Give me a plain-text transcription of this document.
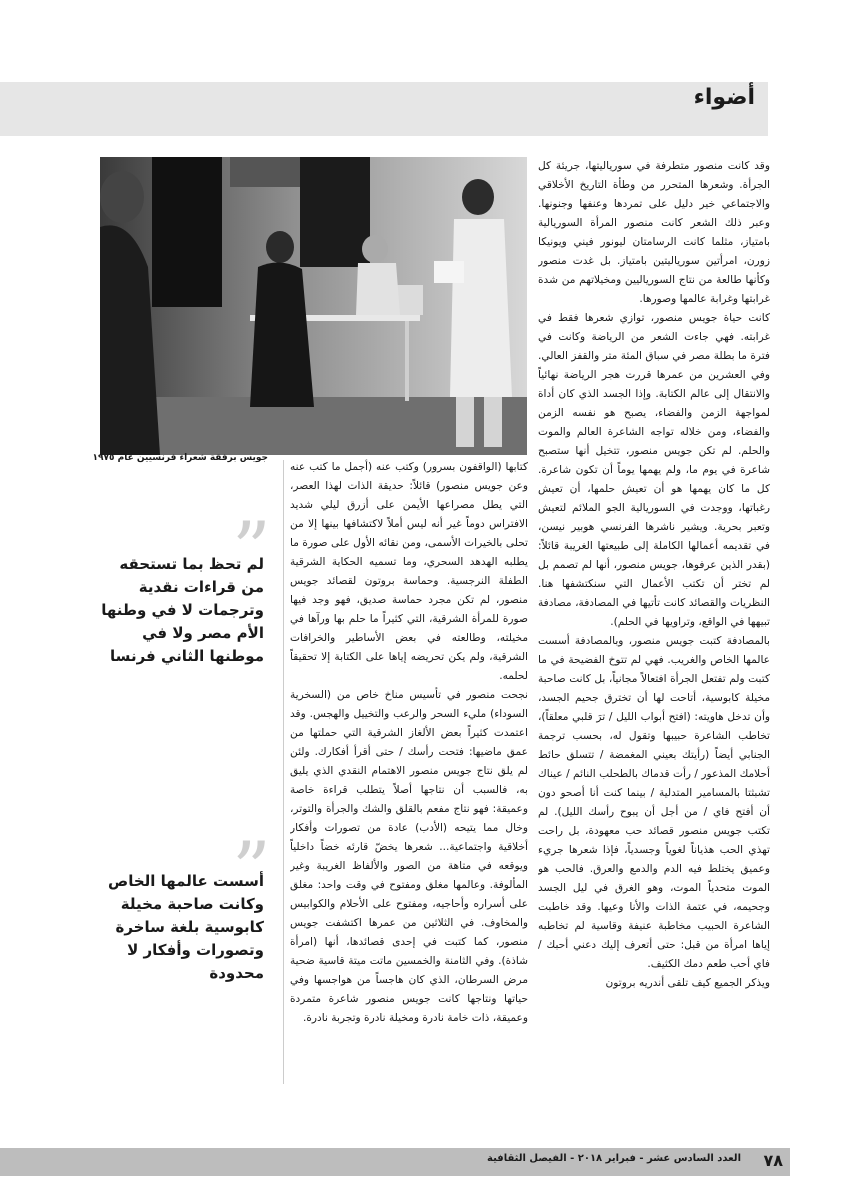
أضواء
جويس برفقة شعراء فرنسيين عام ١٩٧٥

وقد كانت منصور متطرفة في سورياليتها، جريئة كل الجرأة. وشعرها المتحرر من وطأة التاريخ الأخلاقي والاجتماعي خير دليل على تمردها وعنفها وجنونها. وعبر ذلك الشعر كانت منصور المرأة السوريالية بامتياز، مثلما كانت الرسامتان ليونور فيني ويونيكا زورن، امرأتين سورياليتين بامتياز. بل غدت منصور وكأنها طالعة من نتاج السورياليين ومخيلاتهم من شدة غرابتها وغرابة عالمها وصورها.

كانت حياة جويس منصور، توازي شعرها فقط في غرابته. فهي جاءت الشعر من الرياضة وكانت في فترة ما بطلة مصر في سباق المئة متر والقفز العالي. وفي العشرين من عمرها قررت هجر الرياضة نهائياً والانتقال إلى عالم الكتابة. وإذا الجسد الذي كان أداة لمواجهة الزمن والفضاء، يصبح هو نفسه الزمن والفضاء، ومن خلاله تواجه الشاعرة العالم والموت والحلم. لم تكن جويس منصور، تتخيل أنها ستصبح شاعرة في يوم ما، ولم يهمها يوماً أن تكون شاعرة. كل ما كان يهمها هو أن تعيش حلمها، أن تعيش رغباتها، ووجدت في السوريالية الجو الملائم لتعيش وتعبر بحرية. ويشير ناشرها الفرنسي هوبير نيسن، في تقديمه أعمالها الكاملة إلى طبيعتها الغريبة قائلاً: (بقدر الذين عرفوها، جويس منصور، أنها لم تصمم بل لم تختر أن تكتب الأعمال التي سنكتشفها هنا. النظريات والقصائد كانت تأتيها في المصادفة، مصادفة تبيهها في الواقع، وتراويها في الحلم).

بالمصادفة كتبت جويس منصور، وبالمصادفة أسست عالمها الخاص والغريب. فهي لم تتوخ الفضيحة في ما كتبت ولم تفتعل الجرأة افتعالاً مجانياً، بل كانت صاحبة مخيلة كابوسية، أتاحت لها أن تخترق جحيم الجسد، وأن تدخل هاويته: (افتح أبواب الليل / ترَ قلبي معلقاً)، تخاطب الشاعرة حبيبها وتقول له، بحسب ترجمة الجنابي أيضاً (رأيتك بعيني المغمضة / تتسلق حائط أحلامك المذعور / رأت قدماك بالطحلب النائم / عيناك تشبثتا بالمسامير المتدلية / بينما كنت أنا أصحو دون أن أفتح فاي / من أجل أن يبوح رأسك الليل). لم تكتب جويس منصور قصائد حب معهودة، بل راحت تهذي الحب هذياناً لغوياً وجسدياً، فإذا شعرها جريء وعميق يختلط فيه الدم والدمع والعرق. فالحب هو الموت متحدياً الموت، وهو الغرق في ليل الجسد وجحيمه، في عتمة الذات والأنا وعيها. وقد خاطبت الشاعرة الحبيب مخاطبة عنيفة وقاسية لم تخاطبه إياها امرأة من قبل: حتى أتعرف إليك دعني أحبك / فاي أحب طعم دمك الكثيف.

ويذكر الجميع كيف تلقى أندريه بروتون

كتابها (الواقفون بسرور) وكتب عنه (أجمل ما كتب عنه وعن جويس منصور) قائلاً: حديقة الذات لهذا العصر، التي يطل مصراعها الأيمن على أزرق ليلي شديد الافتراس دوماً غير أنه ليس أملاً لاكتشافها بينها إلا من تحلى بالخيرات الأسمى، ومن نقائه الأول على صورة ما يطلبه الهدهد السحري، وما تسميه الحكاية الشرقية الطفلة النرجسية. وحماسة بروتون لقصائد جويس منصور، لم تكن مجرد حماسة صديق، فهو وجد فيها صورة للمرأة الشرقية، التي كثيراً ما حلم بها ورآها في مخيلته، وطالعته في بعض الأساطير والخرافات الشرقية، ولم يكن تحريضه إياها على الكتابة إلا تحقيقاً لحلمه.

نجحت منصور في تأسيس مناخ خاص من (السخرية السوداء) مليء السحر والرعب والتخييل والهجس. وقد اعتمدت كثيراً بعض الألغاز الشرقية التي حملتها من عمق ماضيها: فتحت رأسك / حتى أقرأ أفكارك. ولئن لم يلق نتاج جويس منصور الاهتمام النقدي الذي يليق به، فالسبب أن نتاجها أصلاً يتطلب قراءة خاصة وعميقة: فهو نتاج مفعم بالقلق والشك والجرأة والتوتر، وخال مما يتيحه (الأدب) عادة من تصورات وأفكار أخلاقية واجتماعية... شعرها يخضّ قارئه خضاً داخلياً ويوقعه في متاهة من الصور والألفاظ الغريبة وغير المألوفة. وعالمها مغلق ومفتوح في وقت واحد: مغلق على أسراره وأحاجيه، ومفتوح على الأحلام والكوابيس والمخاوف. في الثلاثين من عمرها اكتشفت جويس منصور، كما كتبت في إحدى قصائدها، أنها (امرأة شاذة). وفي الثامنة والخمسين ماتت ميتة قاسية ضحية مرض السرطان، الذي كان هاجساً من هواجسها وفي حياتها ونتاجها كانت جويس منصور شاعرة متمردة وعميقة، ذات خامة نادرة ومخيلة نادرة وتجربة نادرة.

”
لم تحظ بما تستحقه من قراءات نقدية وترجمات لا في وطنها الأم مصر ولا في موطنها الثاني فرنسا
”
أسست عالمها الخاص وكانت صاحبة مخيلة كابوسية بلغة ساخرة وتصورات وأفكار لا محدودة
العدد السادس عشر - فبراير ٢٠١٨ - الفيصل الثقافية ٧٨
